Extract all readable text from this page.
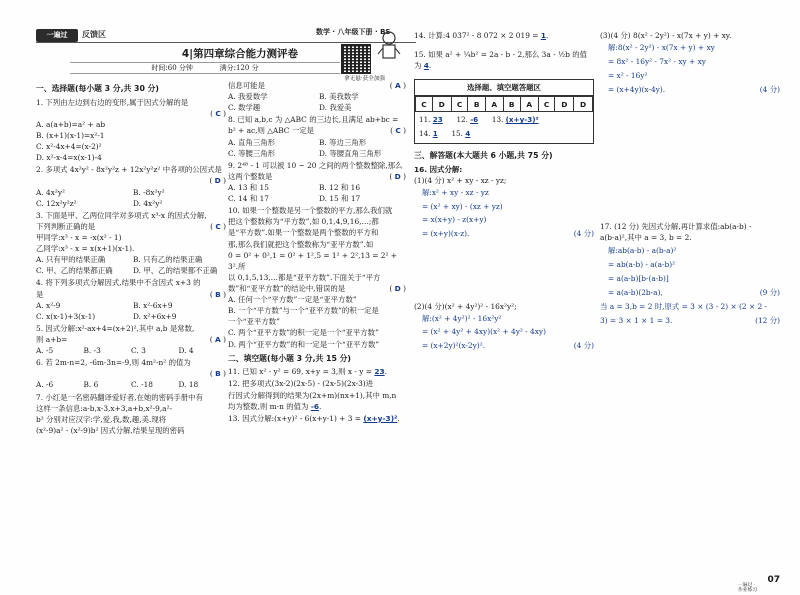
一遍过	反馈区	数学 · 八年级下册 · BS
拿无悬·获全加强
4|第四章综合能力测评卷
时间:60 分钟	满分:120 分
一、选择题(每小题 3 分,共 30 分)
1. 下列由左边到右边的变形,属于因式分解的是
( C )
A. a(a+b)=a² + ab
B. (x+1)(x-1)=x²-1
C. x²-4x+4=(x-2)²
D. x²-x-4=x(x-1)-4
2. 多项式 4x²y² - 8x²y²z + 12x²y²z² 中各项的公因式是
( D )
A. 4x²y²	B. -8x²y²
C. 12x²y²z²	D. 4x²y²
3. 下面是甲、乙两位同学对多项式 x³-x 的因式分解,
下列判断正确的是	( C )
甲同学:x³ - x = -x(x² - 1)
乙同学:x³ - x = x(x+1)(x-1).
A. 只有甲的结果正确	B. 只有乙的结果正确
C. 甲、乙的结果都正确	D. 甲、乙的结果都不正确
4. 将下列多项式分解因式,结果中不含因式 x+3 的
是	( B )
A. x²-9	B. x²-6x+9
C. x(x-1)+3(x-1)	D. x²+6x+9
5. 因式分解:x²-ax+4=(x+2)²,其中 a,b 是常数,
则 a+b=	( A )
A. -5	B. -3	C. 3	D. 4
6. 若 2m-n=2, -6m-3n=-9,则 4m²-n² 的值为
( B )
A. -6	B. 6	C. -18	D. 18
7. 小红是一名密码翻译爱好者,在她的密码手册中有
这样一条信息:a-b,x-3,x+3,a+b,x²-9,a²-
b² 分别对应汉字:学,爱,我,数,趣,美.现将
(x²-9)a² - (x²-9)b² 因式分解,结果呈现的密码
信息可能是	( A )
A. 我爱数学	B. 美我数学
C. 数学趣	D. 我爱美
8. 已知 a,b,c 为 △ABC 的三边长,且满足 ab+bc =
b² + ac,则 △ABC 一定是	( C )
A. 直角三角形	B. 等边三角形
C. 等腰三角形	D. 等腰直角三角形
9. 2⁴⁸ - 1 可以被 10 ~ 20 之间的两个整数整除,那么
这两个整数是	( D )
A. 13 和 15	B. 12 和 16
C. 14 和 17	D. 15 和 17
10. 如果一个整数是另一个整数的平方,那么我们就
把这个整数称为“平方数”,如 0,1,4,9,16,…;都
是“平方数”.如果一个整数是两个整数的平方和
那,那么我们就把这个整数称为“亚平方数”.如
0 = 0² + 0²,1 = 0² + 1²,5 = 1² + 2²,13 = 2² + 3².所
以 0,1,5,13,…都是“亚平方数”.下面关于“平方
数”和“亚平方数”的结论中,错误的是	( D )
A. 任何一个“平方数”一定是“亚平方数”
B. 一个“平方数”与一个“亚平方数”的积一定是
一个“亚平方数”
C. 两个“亚平方数”的积一定是一个“亚平方数”
D. 两个“亚平方数”的和一定是一个“亚平方数”
二、填空题(每小题 3 分,共 15 分)
11. 已知 x² - y² = 69, x+y = 3,则 x - y = 23.
12. 把多项式(3x-2)(2x-5) - (2x-5)(2x-3)进
行因式分解得到的结果为(2x+m)(nx+1),其中 m,n
均为整数,则 m-n 的值为 -6.
13. 因式分解:(x+y)² - 6(x+y-1) + 3 = (x+y-3)².
14. 计算:4 037² - 8 072 × 2 019 = 1.
15. 如果 a² + ¼b² = 2a - b - 2,那么 3a - ½b 的值
为 4.
选择题、填空题答题区
C	D	C	B	A	B	A	C	D	D
11. 23 12. -6 13. (x+y-3)²
14. 1 15. 4
三、解答题(本大题共 6 小题,共 75 分)
16. 因式分解:
(1)(4 分) x² + xy - xz - yz;
解:x² + xy - xz - yz
= (x² + xy) - (xz + yz)
= x(x+y) - z(x+y)
= (x+y)(x-z).	(4 分)
(2)(4 分)(x² + 4y²)² - 16x²y²;
解:(x² + 4y²)² - 16x²y²
= (x² + 4y² + 4xy)(x² + 4y² - 4xy)
= (x+2y)²(x-2y)².	(4 分)
(3)(4 分) 8(x² - 2y²) - x(7x + y) + xy.
解:8(x² - 2y²) - x(7x + y) + xy
= 8x² - 16y² - 7x² - xy + xy
= x² - 16y²
= (x+4y)(x-4y).	(4 分)
17. (12 分) 先因式分解,再计算求值:ab(a-b) -
a(b-a)²,其中 a = 3, b = 2.
解:ab(a-b) - a(b-a)²
= ab(a-b) - a(a-b)²
= a(a-b)[b-(a-b)]
= a(a-b)(2b-a),	(9 分)
当 a = 3,b = 2 时,原式 = 3 × (3 - 2) × (2 × 2 -
3) = 3 × 1 × 1 = 3.	(12 分)
一遍过 · 作业练习
07
